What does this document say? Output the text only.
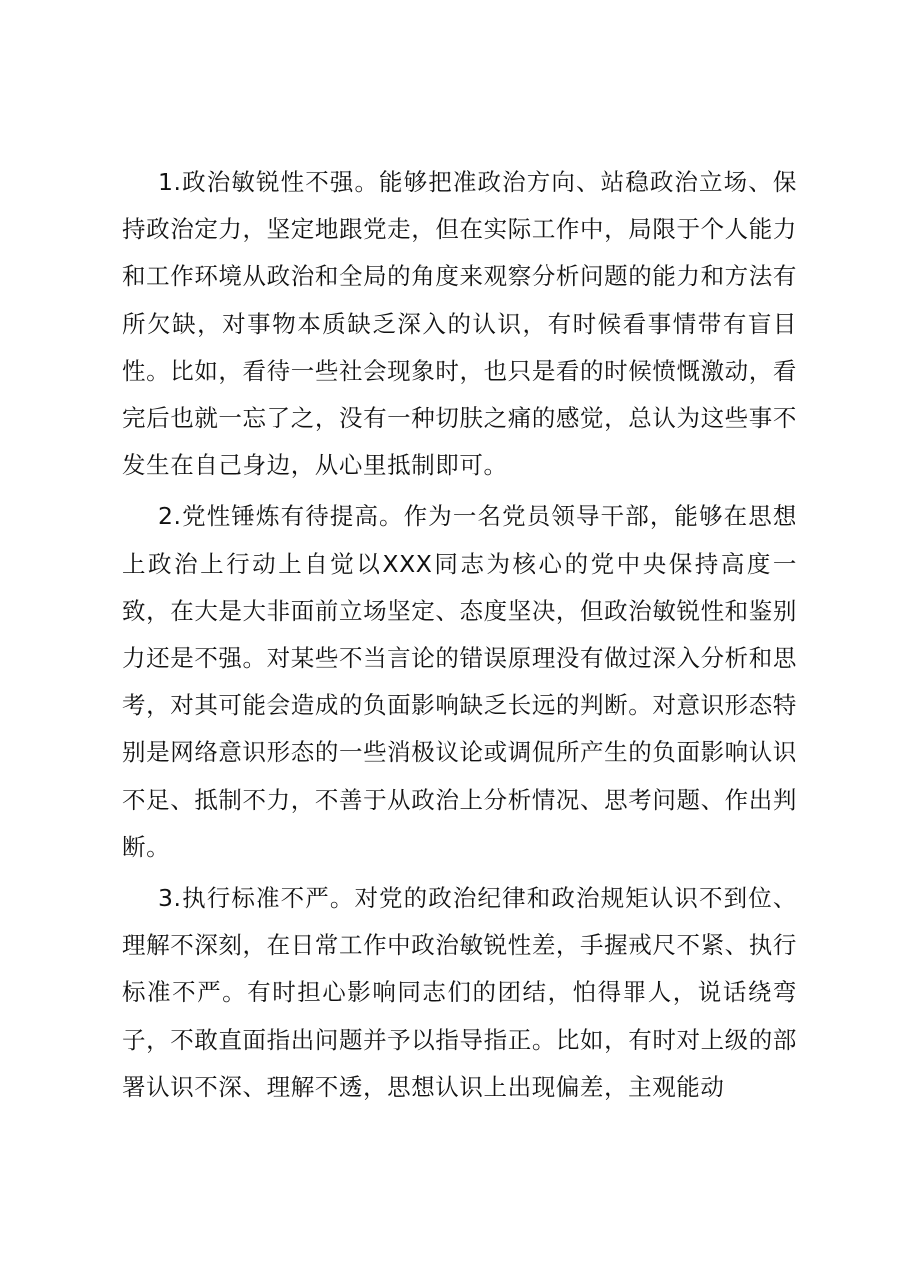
1.政治敏锐性不强。能够把准政治方向、站稳政治立场、保持政治定力，坚定地跟党走，但在实际工作中，局限于个人能力和工作环境从政治和全局的角度来观察分析问题的能力和方法有所欠缺，对事物本质缺乏深入的认识，有时候看事情带有盲目性。比如，看待一些社会现象时，也只是看的时候愤慨激动，看完后也就一忘了之，没有一种切肤之痛的感觉，总认为这些事不发生在自己身边，从心里抵制即可。

2.党性锤炼有待提高。作为一名党员领导干部，能够在思想上政治上行动上自觉以XXX同志为核心的党中央保持高度一致，在大是大非面前立场坚定、态度坚决，但政治敏锐性和鉴别力还是不强。对某些不当言论的错误原理没有做过深入分析和思考，对其可能会造成的负面影响缺乏长远的判断。对意识形态特别是网络意识形态的一些消极议论或调侃所产生的负面影响认识不足、抵制不力，不善于从政治上分析情况、思考问题、作出判断。

3.执行标准不严。对党的政治纪律和政治规矩认识不到位、理解不深刻，在日常工作中政治敏锐性差，手握戒尺不紧、执行标准不严。有时担心影响同志们的团结，怕得罪人，说话绕弯子，不敢直面指出问题并予以指导指正。比如，有时对上级的部署认识不深、理解不透，思想认识上出现偏差，主观能动
